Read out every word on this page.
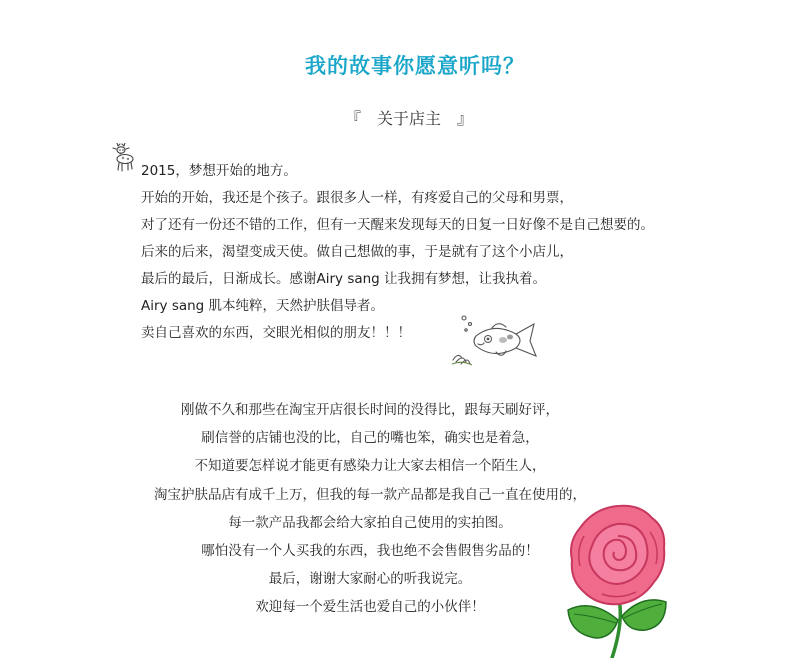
我的故事你愿意听吗？
『　关于店主　』
2015，梦想开始的地方。
开始的开始，我还是个孩子。跟很多人一样，有疼爱自己的父母和男票，
对了还有一份还不错的工作，但有一天醒来发现每天的日复一日好像不是自己想要的。
后来的后来，渴望变成天使。做自己想做的事，于是就有了这个小店儿，
最后的最后，日渐成长。感谢Airy sang 让我拥有梦想，让我执着。
Airy sang 肌本纯粹，天然护肤倡导者。
卖自己喜欢的东西，交眼光相似的朋友！！！
刚做不久和那些在淘宝开店很长时间的没得比，跟每天刷好评，
刷信誉的店铺也没的比，自己的嘴也笨，确实也是着急，
不知道要怎样说才能更有感染力让大家去相信一个陌生人，
淘宝护肤品店有成千上万，但我的每一款产品都是我自己一直在使用的，
每一款产品我都会给大家拍自己使用的实拍图。
哪怕没有一个人买我的东西，我也绝不会售假售劣品的！
最后，谢谢大家耐心的听我说完。
欢迎每一个爱生活也爱自己的小伙伴！
